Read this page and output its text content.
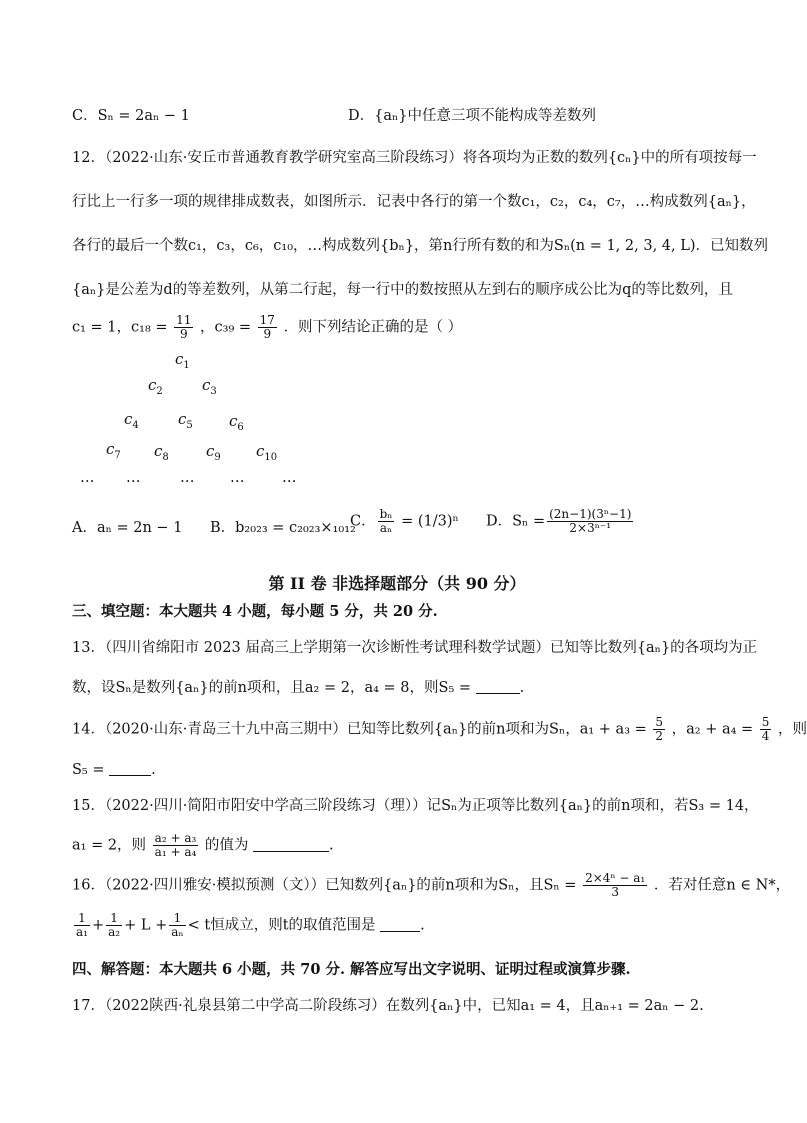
C．Sₙ = 2aₙ − 1	D．{aₙ}中任意三项不能构成等差数列
12．（2022·山东·安丘市普通教育教学研究室高三阶段练习）将各项均为正数的数列{cₙ}中的所有项按每一
行比上一行多一项的规律排成数表，如图所示．记表中各行的第一个数c₁，c₂，c₄，c₇，…构成数列{aₙ}，
各行的最后一个数c₁，c₃，c₆，c₁₀，…构成数列{bₙ}，第n行所有数的和为Sₙ(n = 1, 2, 3, 4, L)．已知数列
{aₙ}是公差为d的等差数列，从第二行起，每一行中的数按照从左到右的顺序成公比为q的等比数列，且
c₁ = 1，$c_{18} = \frac{11}{9}$ ，$c_{39} = \frac{17}{9}$ ．则下列结论正确的是（ ）
$c_1$
$c_2$	$c_3$
$c_4$	$c_5$ $c_6$
$c_7$ $c_8$ $c_9$ $c_{10}$
… …	… …	…
A．aₙ = 2n − 1 B．b₂₀₂₃ = c₂₀₂₃×₁₀₁₂
C． $\frac{\text{bₙ}}{\text{aₙ}} = (1/3)^n$ D．$S_n = \frac{\text{(2n−1)(3ⁿ−1)}}{\text{2×3ⁿ⁻¹}}$
第 II 卷 非选择题部分（共 90 分）
三、填空题：本大题共 4 小题，每小题 5 分，共 20 分.
13．（四川省绵阳市 2023 届高三上学期第一次诊断性考试理科数学试题）已知等比数列{aₙ}的各项均为正
数，设Sₙ是数列{aₙ}的前n项和，且a₂ = 2，a₄ = 8，则S₅ =	.
14．（2020·山东·青岛三十九中高三期中）已知等比数列{aₙ}的前n项和为Sₙ，$a_1 + a_3 = \frac{5}{2}$ ，$a_2 + a_4 = \frac{5}{4}$ ，则
S₅ =	.
15．（2022·四川·简阳市阳安中学高三阶段练习（理））记Sₙ为正项等比数列{aₙ}的前n项和，若S₃ = 14，
a₁ = 2，则 $\frac{\text{a₂ + a₃}}{\text{a₁ + a₄}}$ 的值为	.
16．（2022·四川雅安·模拟预测（文））已知数列{aₙ}的前n项和为Sₙ，且$S_n = \frac{\text{2×4ⁿ − a₁}}{3}$ ．若对任意n ∈ N*，
$\frac{1}{\text{a₁}} + \frac{1}{\text{a₂}} + L + \frac{1}{\text{aₙ}} < t$恒成立，则t的取值范围是	.
四、解答题：本大题共 6 小题，共 70 分. 解答应写出文字说明、证明过程或演算步骤.
17．（2022陕西·礼泉县第二中学高二阶段练习）在数列{aₙ}中，已知a₁ = 4，且aₙ₊₁ = 2aₙ − 2.
